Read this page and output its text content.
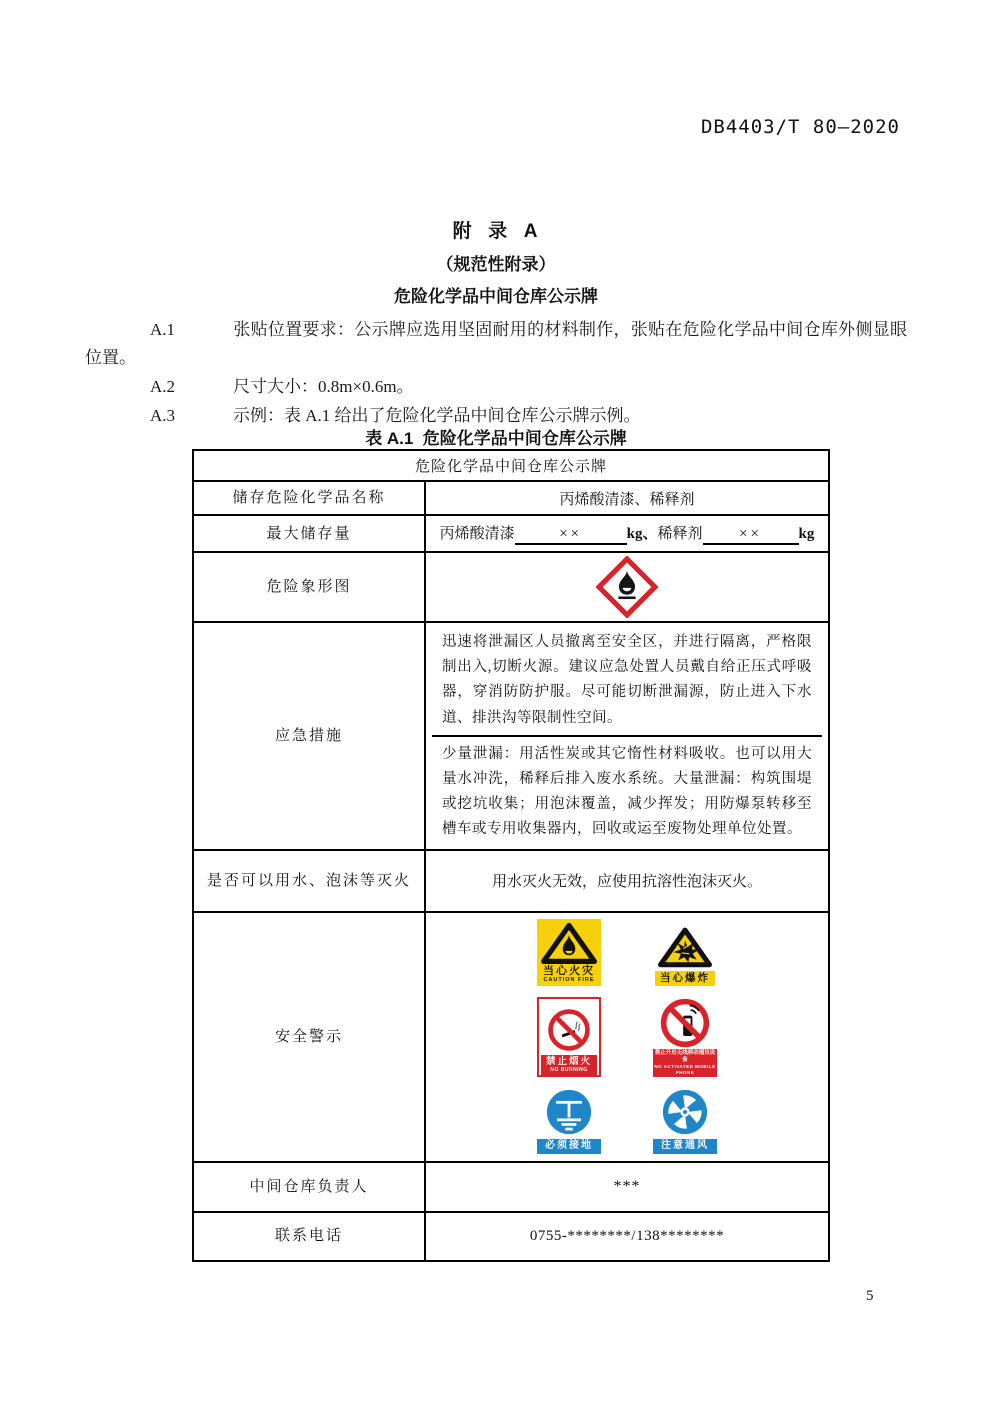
DB4403/T 80—2020
附  录  A
（规范性附录）
危险化学品中间仓库公示牌

A.1	张贴位置要求：公示牌应选用坚固耐用的材料制作，张贴在危险化学品中间仓库外侧显眼位置。

A.2	尺寸大小：0.8m×0.6m。

A.3	示例：表 A.1 给出了危险化学品中间仓库公示牌示例。

表 A.1  危险化学品中间仓库公示牌
危险化学品中间仓库公示牌	
储存危险化学品名称	丙烯酸清漆、稀释剂
最大储存量	丙烯酸清漆 ×× kg、稀释剂 ×× kg
危险象形图	

应急措施	迅速将泄漏区人员撤离至安全区，并进行隔离，严格限制出入,切断火源。建议应急处置人员戴自给正压式呼吸器，穿消防防护服。尽可能切断泄漏源，防止进入下水道、排洪沟等限制性空间。
少量泄漏：用活性炭或其它惰性材料吸收。也可以用大量水冲洗，稀释后排入废水系统。大量泄漏：构筑围堤或挖坑收集；用泡沫覆盖，减少挥发；用防爆泵转移至槽车或专用收集器内，回收或运至废物处理单位处置。

是否可以用水、泡沫等灭火	用水灭火无效，应使用抗溶性泡沫灭火。
安全警示	
当心火灾
CAUTION FIRE	当心爆炸
禁止烟火
NO BURNING
禁止开启无线移动通讯设备
NO ACTIVATED MOBILE PHONE
必须接地	注意通风

中间仓库负责人	***
联系电话	0755-********/138********
5
